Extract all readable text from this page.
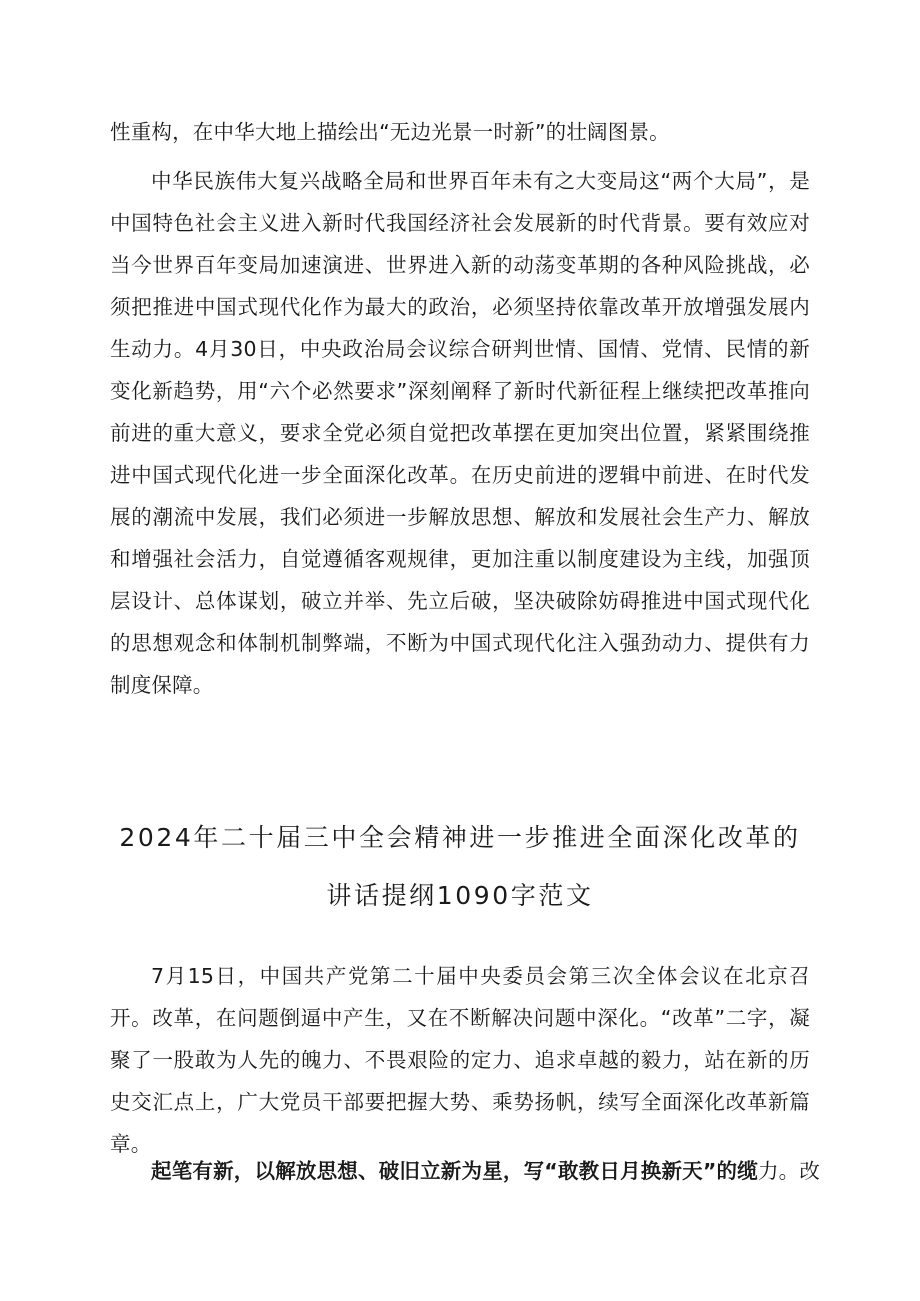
性重构，在中华大地上描绘出“无边光景一时新”的壮阔图景。

中华民族伟大复兴战略全局和世界百年未有之大变局这“两个大局”，是中国特色社会主义进入新时代我国经济社会发展新的时代背景。要有效应对当今世界百年变局加速演进、世界进入新的动荡变革期的各种风险挑战，必须把推进中国式现代化作为最大的政治，必须坚持依靠改革开放增强发展内生动力。4月30日，中央政治局会议综合研判世情、国情、党情、民情的新变化新趋势，用“六个必然要求”深刻阐释了新时代新征程上继续把改革推向前进的重大意义，要求全党必须自觉把改革摆在更加突出位置，紧紧围绕推进中国式现代化进一步全面深化改革。在历史前进的逻辑中前进、在时代发展的潮流中发展，我们必须进一步解放思想、解放和发展社会生产力、解放和增强社会活力，自觉遵循客观规律，更加注重以制度建设为主线，加强顶层设计、总体谋划，破立并举、先立后破，坚决破除妨碍推进中国式现代化的思想观念和体制机制弊端，不断为中国式现代化注入强劲动力、提供有力制度保障。

2024年二十届三中全会精神进一步推进全面深化改革的
讲话提纲1090字范文

7月15日，中国共产党第二十届中央委员会第三次全体会议在北京召开。改革，在问题倒逼中产生，又在不断解决问题中深化。“改革”二字，凝聚了一股敢为人先的魄力、不畏艰险的定力、追求卓越的毅力，站在新的历史交汇点上，广大党员干部要把握大势、乘势扬帆，续写全面深化改革新篇章。

起笔有新，以解放思想、破旧立新为星，写“敢教日月换新天”的缆力。改
